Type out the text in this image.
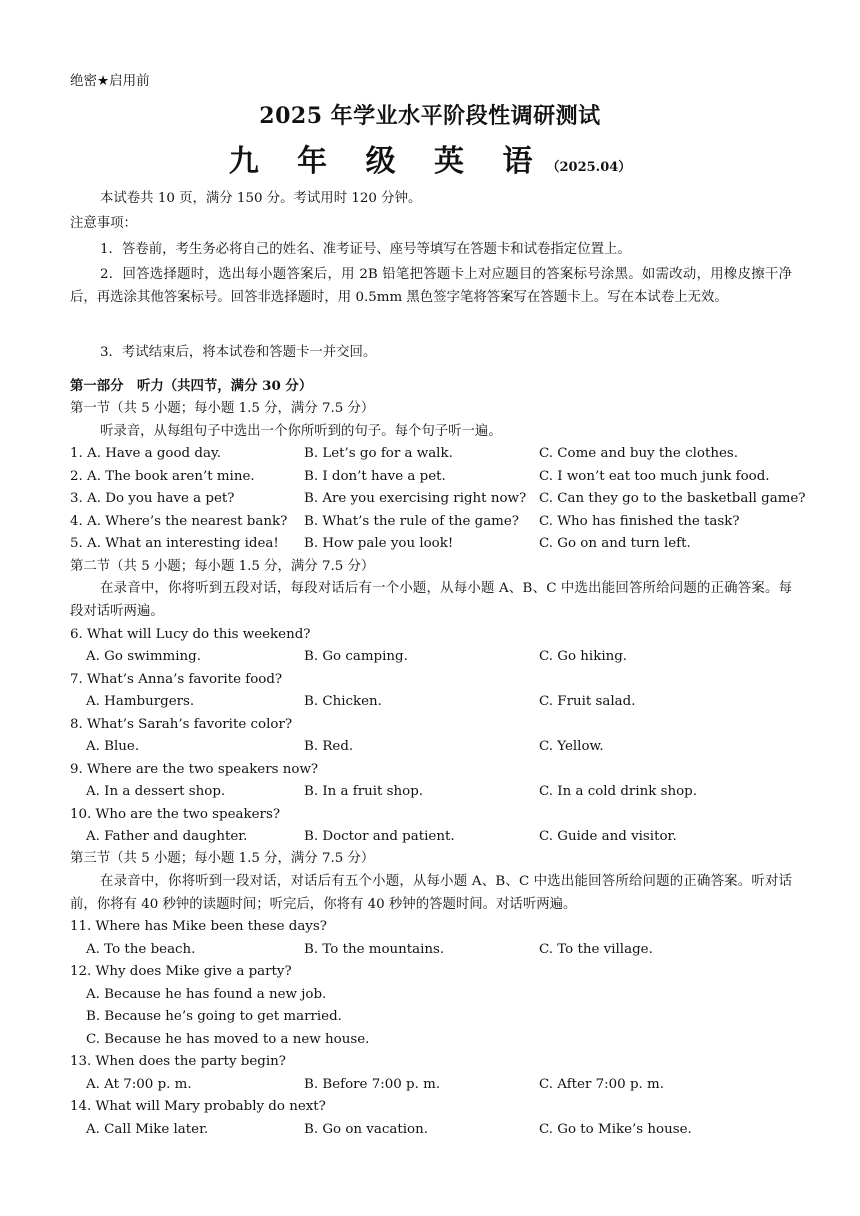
绝密★启用前
2025 年学业水平阶段性调研测试
九 年 级 英 语（2025.04）
本试卷共 10 页，满分 150 分。考试用时 120 分钟。
注意事项：
1．答卷前，考生务必将自己的姓名、准考证号、座号等填写在答题卡和试卷指定位置上。
2．回答选择题时，选出每小题答案后，用 2B 铅笔把答题卡上对应题目的答案标号涂黑。如需改动，用橡皮擦干净后，再选涂其他答案标号。回答非选择题时，用 0.5mm 黑色签字笔将答案写在答题卡上。写在本试卷上无效。
3．考试结束后，将本试卷和答题卡一并交回。
第一部分　听力（共四节，满分 30 分）
第一节（共 5 小题；每小题 1.5 分，满分 7.5 分）
听录音，从每组句子中选出一个你所听到的句子。每个句子听一遍。
1. A. Have a good day.	B. Let’s go for a walk.	C. Come and buy the clothes.
2. A. The book aren’t mine.	B. I don’t have a pet.	C. I won’t eat too much junk food.
3. A. Do you have a pet?	B. Are you exercising right now? C. Can they go to the basketball game?
4. A. Where’s the nearest bank? B. What’s the rule of the game? C. Who has finished the task?
5. A. What an interesting idea! B. How pale you look!	C. Go on and turn left.
第二节（共 5 小题；每小题 1.5 分，满分 7.5 分）
在录音中，你将听到五段对话，每段对话后有一个小题，从每小题 A、B、C 中选出能回答所给问题的正确答案。每段对话听两遍。
6. What will Lucy do this weekend?
A. Go swimming.	B. Go camping.	C. Go hiking.
7. What’s Anna’s favorite food?
A. Hamburgers.	B. Chicken.	C. Fruit salad.
8. What’s Sarah’s favorite color?
A. Blue.	B. Red.	C. Yellow.
9. Where are the two speakers now?
A. In a dessert shop.	B. In a fruit shop.	C. In a cold drink shop.
10. Who are the two speakers?
A. Father and daughter.	B. Doctor and patient.	C. Guide and visitor.
第三节（共 5 小题；每小题 1.5 分，满分 7.5 分）
在录音中，你将听到一段对话，对话后有五个小题，从每小题 A、B、C 中选出能回答所给问题的正确答案。听对话前，你将有 40 秒钟的读题时间；听完后，你将有 40 秒钟的答题时间。对话听两遍。
11. Where has Mike been these days?
A. To the beach.	B. To the mountains.	C. To the village.
12. Why does Mike give a party?
A. Because he has found a new job.
B. Because he’s going to get married.
C. Because he has moved to a new house.
13. When does the party begin?
A. At 7:00 p. m.	B. Before 7:00 p. m.	C. After 7:00 p. m.
14. What will Mary probably do next?
A. Call Mike later.	B. Go on vacation.	C. Go to Mike’s house.
